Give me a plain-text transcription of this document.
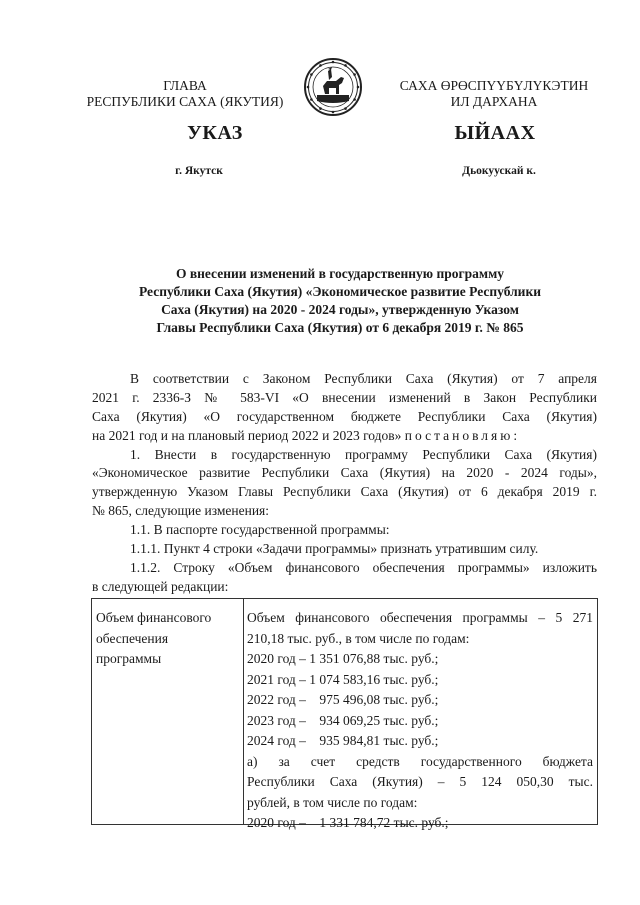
ГЛАВА
РЕСПУБЛИКИ САХА (ЯКУТИЯ)
САХА ӨРӨСПҮҮБҮЛҮКЭТИН
ИЛ ДАРХАНА
УКАЗ	ЫЙААХ
г. Якутск	Дьокуускай к.
О внесении изменений в государственную программу
Республики Саха (Якутия) «Экономическое развитие Республики
Саха (Якутия) на 2020 - 2024 годы», утвержденную Указом
Главы Республики Саха (Якутия) от 6 декабря 2019 г. № 865
В соответствии с Законом Республики Саха (Якутия) от 7 апреля
2021 г. 2336-З № 583-VI «О внесении изменений в Закон Республики
Саха (Якутия) «О государственном бюджете Республики Саха (Якутия)
на 2021 год и на плановый период 2022 и 2023 годов» постановляю:
1. Внести в государственную программу Республики Саха (Якутия)
«Экономическое развитие Республики Саха (Якутия) на 2020 - 2024 годы»,
утвержденную Указом Главы Республики Саха (Якутия) от 6 декабря 2019 г.
№ 865, следующие изменения:
1.1. В паспорте государственной программы:
1.1.1. Пункт 4 строки «Задачи программы» признать утратившим силу.
1.1.2. Строку «Объем финансового обеспечения программы» изложить
в следующей редакции:
Объем финансового
обеспечения
программы
Объем финансового обеспечения программы – 5 271
210,18 тыс. руб., в том числе по годам:
2020 год – 1 351 076,88 тыс. руб.;
2021 год – 1 074 583,16 тыс. руб.;
2022 год –    975 496,08 тыс. руб.;
2023 год –    934 069,25 тыс. руб.;
2024 год –    935 984,81 тыс. руб.;
а) за счет средств государственного бюджета
Республики Саха (Якутия) – 5 124 050,30 тыс.
рублей, в том числе по годам:
2020 год –    1 331 784,72 тыс. руб.;
